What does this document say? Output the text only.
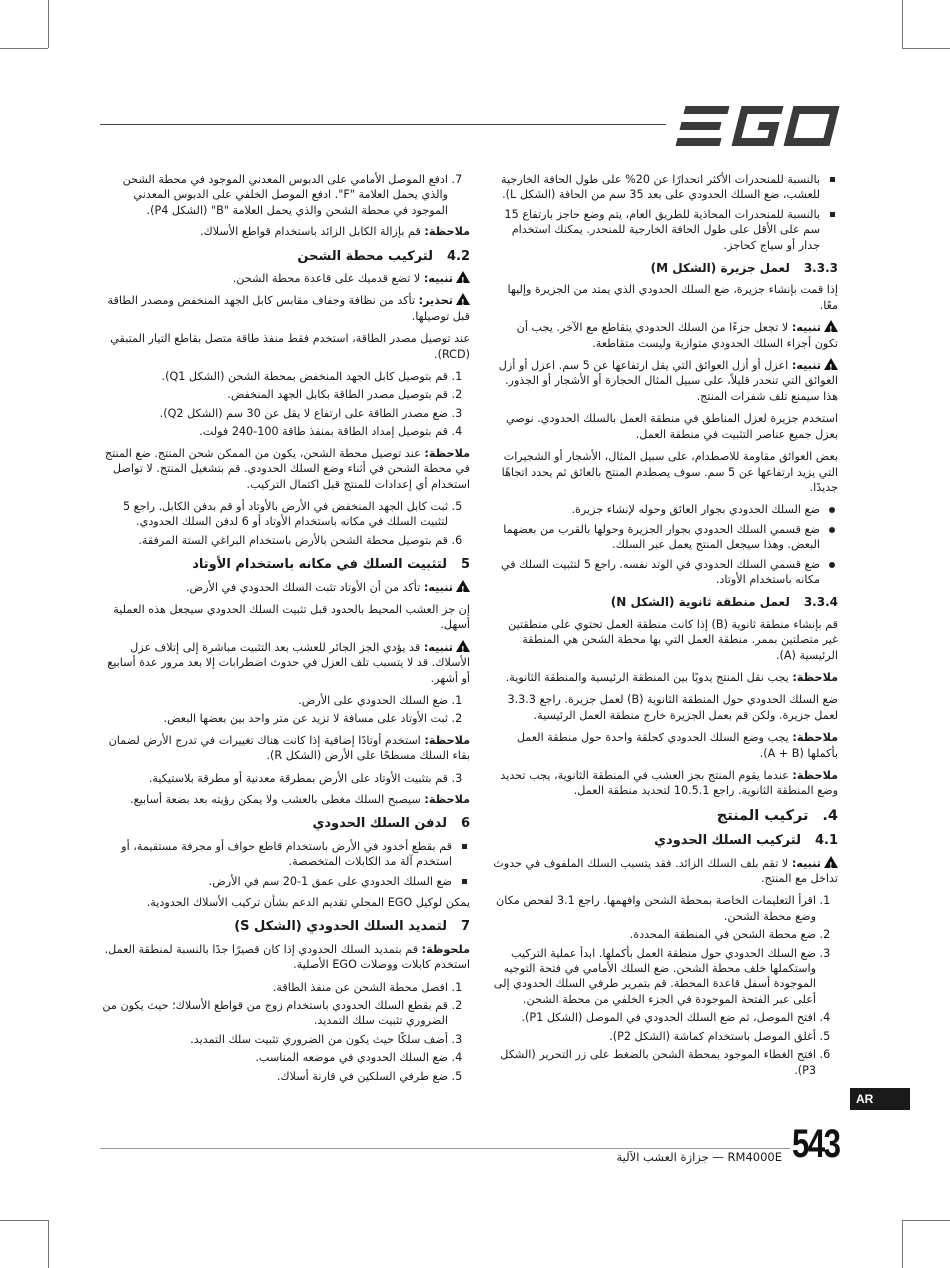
بالنسبة للمنحدرات الأكثر انحدارًا عن 20% على طول الحافة الخارجية للعشب، ضع السلك الحدودي على بعد 35 سم من الحافة (الشكل L).
بالنسبة للمنحدرات المحاذية للطريق العام، يتم وضع حاجز بارتفاع 15 سم على الأقل على طول الحافة الخارجية للمنحدر. يمكنك استخدام جدار أو سياج كحاجز.
3.3.3لعمل جزيرة (الشكل M)

إذا قمت بإنشاء جزيرة، ضع السلك الحدودي الذي يمتد من الجزيرة وإليها معًا.

!تنبيه: لا تجعل جزءًا من السلك الحدودي يتقاطع مع الآخر. يجب أن تكون أجزاء السلك الحدودي متوازية وليست متقاطعة.

!تنبيه: اعزل أو أزل العوائق التي يقل ارتفاعها عن 5 سم. اعزل أو أزل العوائق التي تنحدر قليلاً، على سبيل المثال الحجارة أو الأشجار أو الجذور. هذا سيمنع تلف شفرات المنتج.

استخدم جزيرة لعزل المناطق في منطقة العمل بالسلك الحدودي. نوصي بعزل جميع عناصر التثبيت في منطقة العمل.

بعض العوائق مقاومة للاصطدام، على سبيل المثال، الأشجار أو الشجيرات التي يزيد ارتفاعها عن 5 سم. سوف يصطدم المنتج بالعائق ثم يحدد اتجاهًا جديدًا.

ضع السلك الحدودي بجوار العائق وحوله لإنشاء جزيرة.
ضع قسمي السلك الحدودي بجوار الجزيرة وحولها بالقرب من بعضهما البعض. وهذا سيجعل المنتج يعمل عبر السلك.
ضع قسمي السلك الحدودي في الوتد نفسه. راجع 5 لتثبيت السلك في مكانه باستخدام الأوتاد.
3.3.4لعمل منطقة ثانوية (الشكل N)

قم بإنشاء منطقة ثانوية (B) إذا كانت منطقة العمل تحتوي على منطقتين غير متصلتين بممر. منطقة العمل التي بها محطة الشحن هي المنطقة الرئيسية (A).

ملاحظة: يجب نقل المنتج يدويًا بين المنطقة الرئيسية والمنطقة الثانوية.

ضع السلك الحدودي حول المنطقة الثانوية (B) لعمل جزيرة. راجع 3.3.3 لعمل جزيرة. ولكن قم بعمل الجزيرة خارج منطقة العمل الرئيسية.

ملاحظة: يجب وضع السلك الحدودي كحلقة واحدة حول منطقة العمل بأكملها (A + B).

ملاحظة: عندما يقوم المنتج بجز العشب في المنطقة الثانوية، يجب تحديد وضع المنطقة الثانوية. راجع 10.5.1 لتحديد منطقة العمل.

4.تركيب المنتج
4.1لتركيب السلك الحدودي

!تنبيه: لا تقم بلف السلك الزائد. فقد يتسبب السلك الملفوف في حدوث تداخل مع المنتج.

1. اقرأ التعليمات الخاصة بمحطة الشحن وافهمها. راجع 3.1 لفحص مكان وضع محطة الشحن.
2. ضع محطة الشحن في المنطقة المحددة.
3. ضع السلك الحدودي حول منطقة العمل بأكملها. ابدأ عملية التركيب واستكملها خلف محطة الشحن. ضع السلك الأمامي في فتحة التوجيه الموجودة أسفل قاعدة المحطة. قم بتمرير طرفي السلك الحدودي إلى أعلى عبر الفتحة الموجودة في الجزء الخلفي من محطة الشحن.
4. افتح الموصل، ثم ضع السلك الحدودي في الموصل (الشكل P1).
5. أغلق الموصل باستخدام كماشة (الشكل P2).
6. افتح الغطاء الموجود بمحطة الشحن بالضغط على زر التحرير (الشكل P3).
7. ادفع الموصل الأمامي على الدبوس المعدني الموجود في محطة الشحن والذي يحمل العلامة "F". ادفع الموصل الخلفي على الدبوس المعدني الموجود في محطة الشحن والذي يحمل العلامة "B" (الشكل P4).

ملاحظة: قم بإزالة الكابل الزائد باستخدام قواطع الأسلاك.

4.2لتركيب محطة الشحن

!تنبيه: لا تضع قدميك على قاعدة محطة الشحن.

!تحذير: تأكد من نظافة وجفاف مقابس كابل الجهد المنخفض ومصدر الطاقة قبل توصيلها.

عند توصيل مصدر الطاقة، استخدم فقط منفذ طاقة متصل بقاطع التيار المتبقي (RCD).

1. قم بتوصيل كابل الجهد المنخفض بمحطة الشحن (الشكل Q1).
2. قم بتوصيل مصدر الطاقة بكابل الجهد المنخفض.
3. ضع مصدر الطاقة على ارتفاع لا يقل عن 30 سم (الشكل Q2).
4. قم بتوصيل إمداد الطاقة بمنفذ طاقة 100-240 فولت.

ملاحظة: عند توصيل محطة الشحن، يكون من الممكن شحن المنتج. ضع المنتج في محطة الشحن في أثناء وضع السلك الحدودي. قم بتشغيل المنتج. لا تواصل استخدام أي إعدادات للمنتج قبل اكتمال التركيب.

5. ثبت كابل الجهد المنخفض في الأرض بالأوتاد أو قم بدفن الكابل. راجع 5 لتثبيت السلك في مكانه باستخدام الأوتاد أو 6 لدفن السلك الحدودي.
6. قم بتوصيل محطة الشحن بالأرض باستخدام البراغي الستة المرفقة.
5لتثبيت السلك في مكانه باستخدام الأوتاد

!تنبيه: تأكد من أن الأوتاد تثبت السلك الحدودي في الأرض.

إن جز العشب المحيط بالحدود قبل تثبيت السلك الحدودي سيجعل هذه العملية أسهل.

!تنبيه: قد يؤدي الجز الجائر للعشب بعد التثبيت مباشرة إلى إتلاف عزل الأسلاك. قد لا يتسبب تلف العزل في حدوث اضطرابات إلا بعد مرور عدة أسابيع أو أشهر.

1. ضع السلك الحدودي على الأرض.
2. ثبت الأوتاد على مسافة لا تزيد عن متر واحد بين بعضها البعض.

ملاحظة: استخدم أوتادًا إضافية إذا كانت هناك تغييرات في تدرج الأرض لضمان بقاء السلك مسطحًا على الأرض (الشكل R).

3. قم بتثبيت الأوتاد على الأرض بمطرقة معدنية أو مطرقة بلاستيكية.

ملاحظة: سيصبح السلك مغطى بالعشب ولا يمكن رؤيته بعد بضعة أسابيع.

6لدفن السلك الحدودي
قم بقطع أخدود في الأرض باستخدام قاطع حواف أو مجرفة مستقيمة، أو استخدم آلة مد الكابلات المتخصصة.
ضع السلك الحدودي على عمق 1-20 سم في الأرض.

يمكن لوكيل EGO المحلي تقديم الدعم بشأن تركيب الأسلاك الحدودية.

7لتمديد السلك الحدودي (الشكل S)

ملحوظة: قم بتمديد السلك الحدودي إذا كان قصيرًا جدًا بالنسبة لمنطقة العمل. استخدم كابلات ووصلات EGO الأصلية.

1. افصل محطة الشحن عن منفذ الطاقة.
2. قم بقطع السلك الحدودي باستخدام زوج من قواطع الأسلاك؛ حيث يكون من الضروري تثبيت سلك التمديد.
3. أضف سلكًا حيث يكون من الضروري تثبيت سلك التمديد.
4. ضع السلك الحدودي في موضعه المناسب.
5. ضع طرفي السلكين في قارنة أسلاك.
AR
543
RM4000E — جزازة العشب الآلية
